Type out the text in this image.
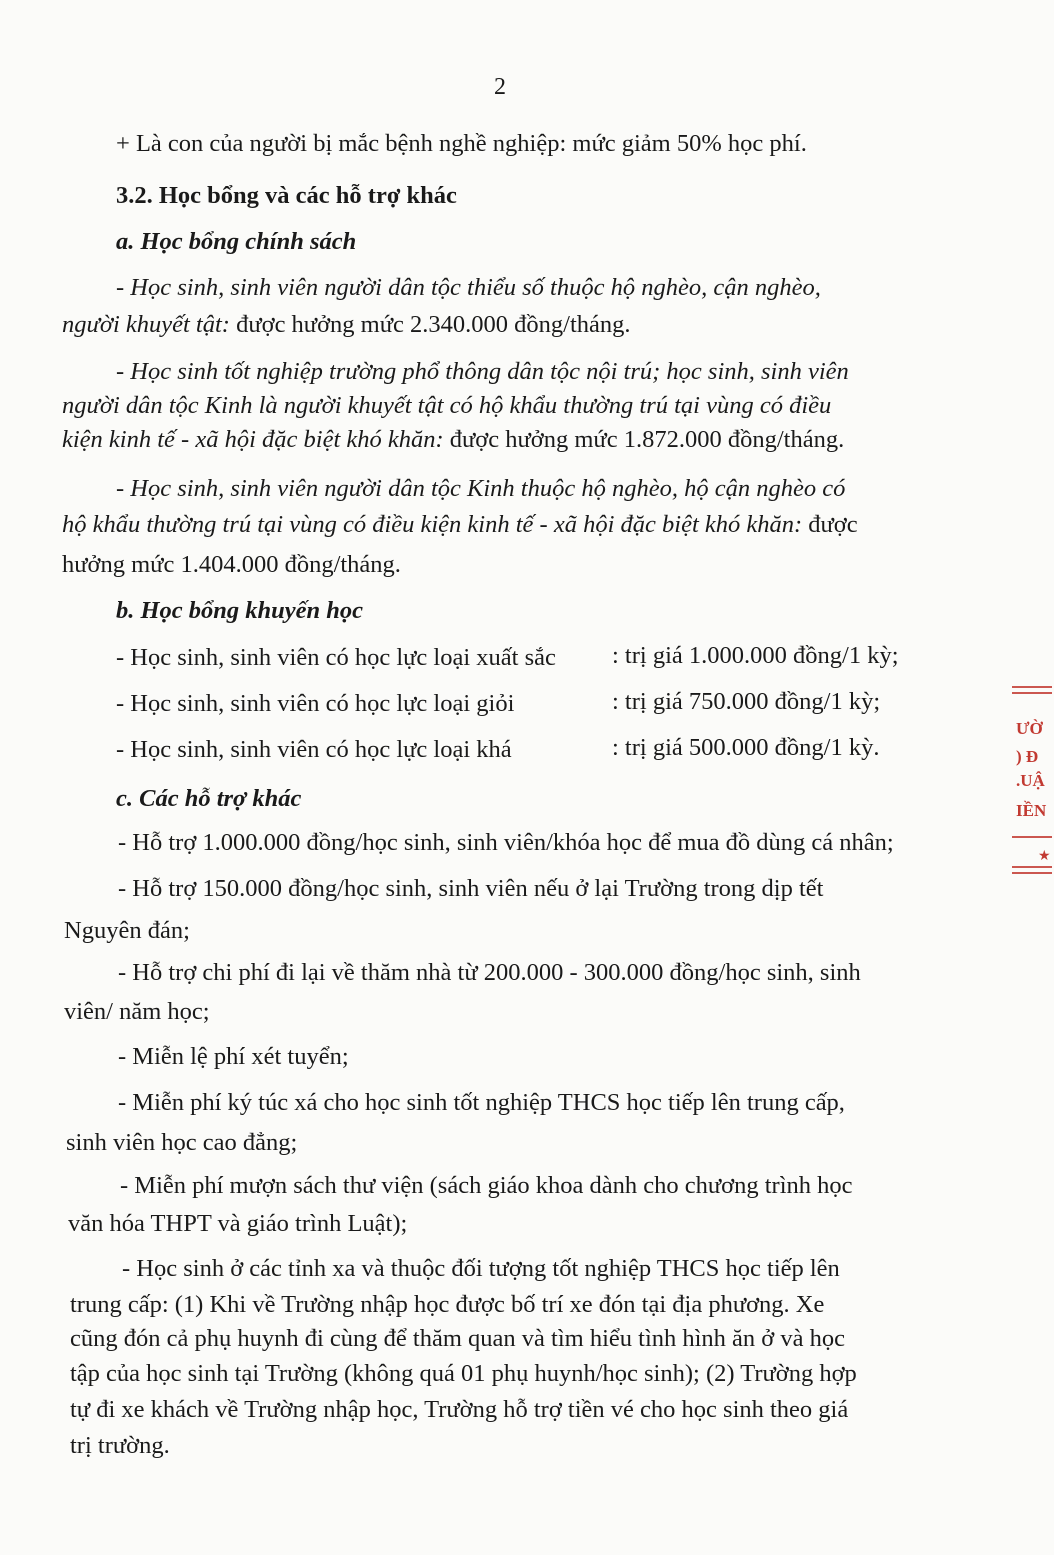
2
+ Là con của người bị mắc bệnh nghề nghiệp: mức giảm 50% học phí.
3.2. Học bổng và các hỗ trợ khác
a. Học bổng chính sách
- Học sinh, sinh viên người dân tộc thiểu số thuộc hộ nghèo, cận nghèo,
người khuyết tật: được hưởng mức 2.340.000 đồng/tháng.
- Học sinh tốt nghiệp trường phổ thông dân tộc nội trú; học sinh, sinh viên
người dân tộc Kinh là người khuyết tật có hộ khẩu thường trú tại vùng có điều
kiện kinh tế - xã hội đặc biệt khó khăn: được hưởng mức 1.872.000 đồng/tháng.
- Học sinh, sinh viên người dân tộc Kinh thuộc hộ nghèo, hộ cận nghèo có
hộ khẩu thường trú tại vùng có điều kiện kinh tế - xã hội đặc biệt khó khăn: được
hưởng mức 1.404.000 đồng/tháng.
b. Học bổng khuyến học
- Học sinh, sinh viên có học lực loại xuất sắc : trị giá 1.000.000 đồng/1 kỳ;
- Học sinh, sinh viên có học lực loại giỏi	: trị giá 750.000 đồng/1 kỳ;
- Học sinh, sinh viên có học lực loại khá	: trị giá 500.000 đồng/1 kỳ.
c. Các hỗ trợ khác
- Hỗ trợ 1.000.000 đồng/học sinh, sinh viên/khóa học để mua đồ dùng cá nhân;
- Hỗ trợ 150.000 đồng/học sinh, sinh viên nếu ở lại Trường trong dịp tết
Nguyên đán;
- Hỗ trợ chi phí đi lại về thăm nhà từ 200.000 - 300.000 đồng/học sinh, sinh
viên/ năm học;
- Miễn lệ phí xét tuyển;
- Miễn phí ký túc xá cho học sinh tốt nghiệp THCS học tiếp lên trung cấp,
sinh viên học cao đẳng;
- Miễn phí mượn sách thư viện (sách giáo khoa dành cho chương trình học
văn hóa THPT và giáo trình Luật);
- Học sinh ở các tỉnh xa và thuộc đối tượng tốt nghiệp THCS học tiếp lên
trung cấp: (1) Khi về Trường nhập học được bố trí xe đón tại địa phương. Xe
cũng đón cả phụ huynh đi cùng để thăm quan và tìm hiểu tình hình ăn ở và học
tập của học sinh tại Trường (không quá 01 phụ huynh/học sinh); (2) Trường hợp
tự đi xe khách về Trường nhập học, Trường hỗ trợ tiền vé cho học sinh theo giá
trị trường.
ƯỜ
) Đ
.UẬ
IỀN
★
